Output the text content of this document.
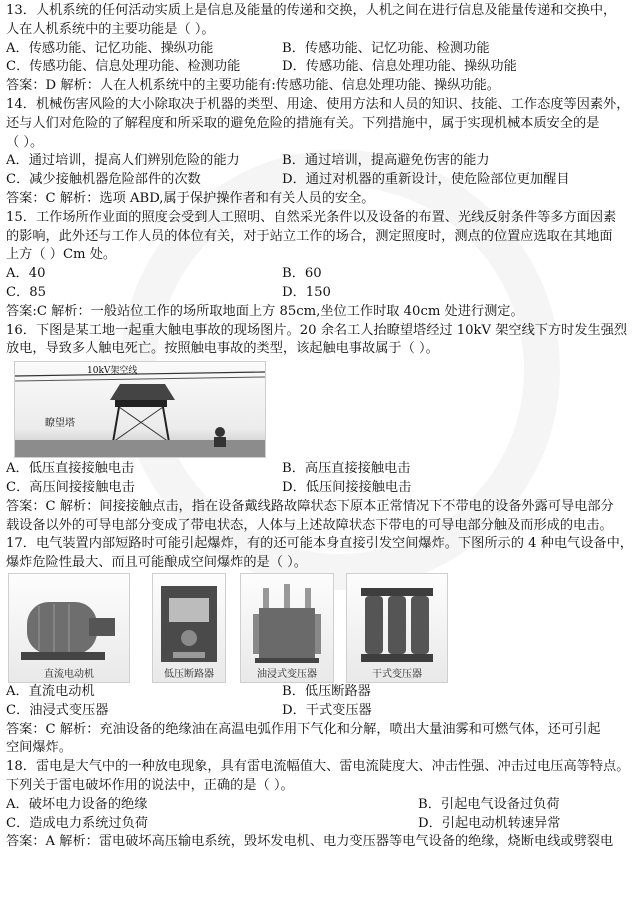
13．人机系统的任何活动实质上是信息及能量的传递和交换，人机之间在进行信息及能量传递和交换中，
人在人机系统中的主要功能是（ ）。
A．传感功能、记忆功能、操纵功能	B．传感功能、记忆功能、检测功能
C．传感功能、信息处理功能、检测功能	D．传感功能、信息处理功能、操纵功能
答案：D 解析：人在人机系统中的主要功能有:传感功能、信息处理功能、操纵功能。
14．机械伤害风险的大小除取决于机器的类型、用途、使用方法和人员的知识、技能、工作态度等因素外，
还与人们对危险的了解程度和所采取的避免危险的措施有关。下列措施中，属于实现机械本质安全的是
（ ）。
A．通过培训，提高人们辨别危险的能力	B．通过培训，提高避免伤害的能力
C．减少接触机器危险部件的次数	D．通过对机器的重新设计，使危险部位更加醒目
答案：C 解析：选项 ABD,属于保护操作者和有关人员的安全。
15．工作场所作业面的照度会受到人工照明、自然采光条件以及设备的布置、光线反射条件等多方面因素
的影响，此外还与工作人员的体位有关，对于站立工作的场合，测定照度时，测点的位置应选取在其地面
上方（ ）Cm 处。
A．40	B．60
C．85	D．150
答案:C 解析：一般站位工作的场所取地面上方 85cm,坐位工作时取 40cm 处进行测定。
16．下图是某工地一起重大触电事故的现场图片。20 余名工人抬瞭望塔经过 10kV 架空线下方时发生强烈
放电，导致多人触电死亡。按照触电事故的类型，该起触电事故属于（ ）。
10kV架空线
瞭望塔
A．低压直接接触电击	B．高压直接接触电击
C．高压间接接触电击	D．低压间接接触电击
答案：C 解析：间接接触点击，指在设备戴线路故障状态下原本正常情况下不带电的设备外露可导电部分
载设备以外的可导电部分变成了带电状态，人体与上述故障状态下带电的可导电部分触及而形成的电击。
17．电气装置内部短路时可能引起爆炸，有的还可能本身直接引发空间爆炸。下图所示的 4 种电气设备中，
爆炸危险性最大、而且可能酿成空间爆炸的是（ ）。
直流电动机	低压断路器	油浸式变压器	干式变压器
A．直流电动机	B．低压断路器
C．油浸式变压器	D．干式变压器
答案：C 解析：充油设备的绝缘油在高温电弧作用下气化和分解，喷出大量油雾和可燃气体，还可引起
空间爆炸。
18．雷电是大气中的一种放电现象，具有雷电流幅值大、雷电流陡度大、冲击性强、冲击过电压高等特点。
下列关于雷电破坏作用的说法中，正确的是（ ）。
A．破坏电力设备的绝缘	B．引起电气设备过负荷
C．造成电力系统过负荷	D．引起电动机转速异常
答案：A 解析：雷电破坏高压输电系统，毁坏发电机、电力变压器等电气设备的绝缘，烧断电线或劈裂电
